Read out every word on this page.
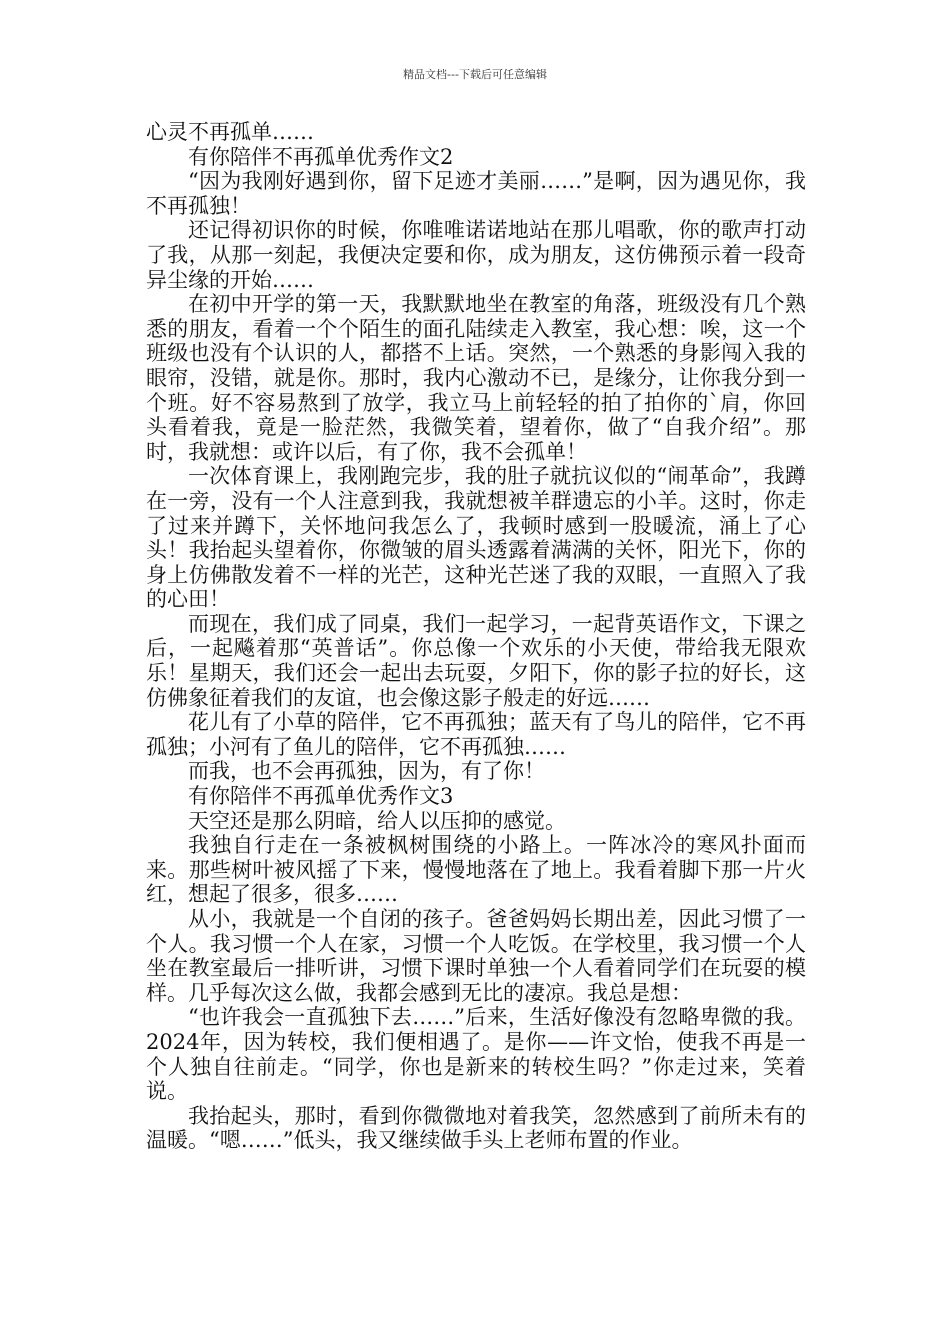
精品文档---下载后可任意编辑

心灵不再孤单……

有你陪伴不再孤单优秀作文2

“因为我刚好遇到你，留下足迹才美丽……”是啊，因为遇见你，我不再孤独！

还记得初识你的时候，你唯唯诺诺地站在那儿唱歌，你的歌声打动了我，从那一刻起，我便决定要和你，成为朋友，这仿佛预示着一段奇异尘缘的开始……

在初中开学的第一天，我默默地坐在教室的角落，班级没有几个熟悉的朋友，看着一个个陌生的面孔陆续走入教室，我心想：唉，这一个班级也没有个认识的人，都搭不上话。突然，一个熟悉的身影闯入我的眼帘，没错，就是你。那时，我内心激动不已，是缘分，让你我分到一个班。好不容易熬到了放学，我立马上前轻轻的拍了拍你的`肩，你回头看着我，竟是一脸茫然，我微笑着，望着你，做了“自我介绍”。那时，我就想：或许以后，有了你，我不会孤单！

一次体育课上，我刚跑完步，我的肚子就抗议似的“闹革命”，我蹲在一旁，没有一个人注意到我，我就想被羊群遗忘的小羊。这时，你走了过来并蹲下，关怀地问我怎么了，我顿时感到一股暖流，涌上了心头！我抬起头望着你，你微皱的眉头透露着满满的关怀，阳光下，你的身上仿佛散发着不一样的光芒，这种光芒迷了我的双眼，一直照入了我的心田！

而现在，我们成了同桌，我们一起学习，一起背英语作文，下课之后，一起飚着那“英普话”。你总像一个欢乐的小天使，带给我无限欢乐！星期天，我们还会一起出去玩耍，夕阳下，你的影子拉的好长，这仿佛象征着我们的友谊，也会像这影子般走的好远……

花儿有了小草的陪伴，它不再孤独；蓝天有了鸟儿的陪伴，它不再孤独；小河有了鱼儿的陪伴，它不再孤独……

而我，也不会再孤独，因为，有了你！

有你陪伴不再孤单优秀作文3

天空还是那么阴暗，给人以压抑的感觉。

我独自行走在一条被枫树围绕的小路上。一阵冰冷的寒风扑面而来。那些树叶被风摇了下来，慢慢地落在了地上。我看着脚下那一片火红，想起了很多，很多……

从小，我就是一个自闭的孩子。爸爸妈妈长期出差，因此习惯了一个人。我习惯一个人在家，习惯一个人吃饭。在学校里，我习惯一个人坐在教室最后一排听讲，习惯下课时单独一个人看着同学们在玩耍的模样。几乎每次这么做，我都会感到无比的凄凉。我总是想：

“也许我会一直孤独下去……”后来，生活好像没有忽略卑微的我。2024年，因为转校，我们便相遇了。是你——许文怡，使我不再是一个人独自往前走。“同学，你也是新来的转校生吗？”你走过来，笑着说。

我抬起头，那时，看到你微微地对着我笑，忽然感到了前所未有的温暖。“嗯……”低头，我又继续做手头上老师布置的作业。
